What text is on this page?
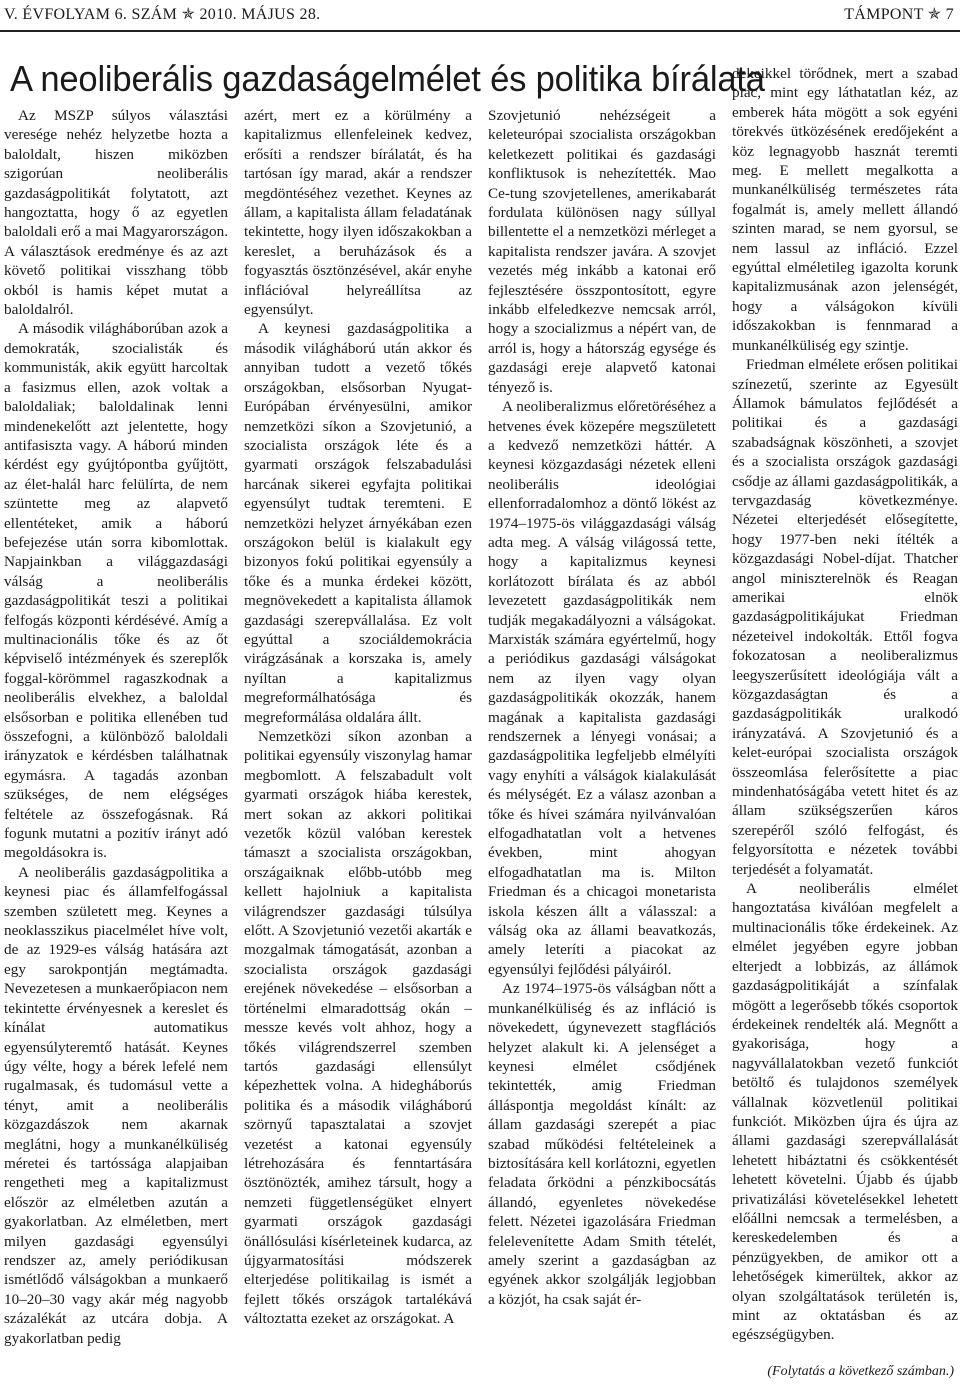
V. ÉVFOLYAM 6. SZÁM ✯ 2010. MÁJUS 28.	TÁMPONT ✯ 7
A neoliberális gazdaságelmélet és politika bírálata

Az MSZP súlyos választási veresége nehéz helyzetbe hozta a baloldalt, hiszen miközben szigorúan neoliberális gazdaságpolitikát folytatott, azt hangoztatta, hogy ő az egyetlen baloldali erő a mai Magyarországon. A választások eredménye és az azt követő politikai visszhang több okból is hamis képet mutat a baloldalról.

A második világháborúban azok a demokraták, szocialisták és kommunisták, akik együtt harcoltak a fasizmus ellen, azok voltak a baloldaliak; baloldalinak lenni mindenekelőtt azt jelentette, hogy antifasiszta vagy. A háború minden kérdést egy gyújtópontba gyűjtött, az élet-halál harc felülírta, de nem szüntette meg az alapvető ellentéteket, amik a háború befejezése után sorra kibomlottak. Napjainkban a világgazdasági válság a neoliberális gazdaságpolitikát teszi a politikai felfogás központi kérdésévé. Amíg a multinacionális tőke és az őt képviselő intézmények és szereplők foggal-körömmel ragaszkodnak a neoliberális elvekhez, a baloldal elsősorban e politika ellenében tud összefogni, a különböző baloldali irányzatok e kérdésben találhatnak egymásra. A tagadás azonban szükséges, de nem elégséges feltétele az összefogásnak. Rá fogunk mutatni a pozitív irányt adó megoldásokra is.

A neoliberális gazdaságpolitika a keynesi piac és államfelfogással szemben született meg. Keynes a neoklasszikus piacelmélet híve volt, de az 1929-es válság hatására azt egy sarokpontján megtámadta. Nevezetesen a munkaerőpiacon nem tekintette érvényesnek a kereslet és kínálat automatikus egyensúlyteremtő hatását. Keynes úgy vélte, hogy a bérek lefelé nem rugalmasak, és tudomásul vette a tényt, amit a neoliberális közgazdászok nem akarnak meglátni, hogy a munkanélküliség méretei és tartóssága alapjaiban rengetheti meg a kapitalizmust először az elméletben azután a gyakorlatban. Az elméletben, mert milyen gazdasági egyensúlyi rendszer az, amely periódikusan ismétlődő válságokban a munkaerő 10–20–30 vagy akár még nagyobb százalékát az utcára dobja. A gyakorlatban pedig

azért, mert ez a körülmény a kapitalizmus ellenfeleinek kedvez, erősíti a rendszer bírálatát, és ha tartósan így marad, akár a rendszer megdöntéséhez vezethet. Keynes az állam, a kapitalista állam feladatának tekintette, hogy ilyen időszakokban a kereslet, a beruházások és a fogyasztás ösztönzésével, akár enyhe inflációval helyreállítsa az egyensúlyt.

A keynesi gazdaságpolitika a második világháború után akkor és annyiban tudott a vezető tőkés országokban, elsősorban Nyugat-Európában érvényesülni, amikor nemzetközi síkon a Szovjetunió, a szocialista országok léte és a gyarmati országok felszabadulási harcának sikerei egyfajta politikai egyensúlyt tudtak teremteni. E nemzetközi helyzet árnyékában ezen országokon belül is kialakult egy bizonyos fokú politikai egyensúly a tőke és a munka érdekei között, megnövekedett a kapitalista államok gazdasági szerepvállalása. Ez volt egyúttal a szociáldemokrácia virágzásának a korszaka is, amely nyíltan a kapitalizmus megreformálhatósága és megreformálása oldalára állt.

Nemzetközi síkon azonban a politikai egyensúly viszonylag hamar megbomlott. A felszabadult volt gyarmati országok hiába kerestek, mert sokan az akkori politikai vezetők közül valóban kerestek támaszt a szocialista országokban, országaiknak előbb-utóbb meg kellett hajolniuk a kapitalista világrendszer gazdasági túlsúlya előtt. A Szovjetunió vezetői akarták e mozgalmak támogatását, azonban a szocialista országok gazdasági erejének növekedése – elsősorban a történelmi elmaradottság okán – messze kevés volt ahhoz, hogy a tőkés világrendszerrel szemben tartós gazdasági ellensúlyt képezhettek volna. A hidegháborús politika és a második világháború szörnyű tapasztalatai a szovjet vezetést a katonai egyensúly létrehozására és fenntartására ösztönözték, amihez társult, hogy a nemzeti függetlenségüket elnyert gyarmati országok gazdasági önállósulási kísérleteinek kudarca, az újgyarmatosítási módszerek elterjedése politikailag is ismét a fejlett tőkés országok tartalékává változtatta ezeket az országokat. A

Szovjetunió nehézségeit a keleteurópai szocialista országokban keletkezett politikai és gazdasági konfliktusok is nehezítették. Mao Ce-tung szovjetellenes, amerikabarát fordulata különösen nagy súllyal billentette el a nemzetközi mérleget a kapitalista rendszer javára. A szovjet vezetés még inkább a katonai erő fejlesztésére összpontosított, egyre inkább elfeledkezve nemcsak arról, hogy a szocializmus a népért van, de arról is, hogy a hátország egysége és gazdasági ereje alapvető katonai tényező is.

A neoliberalizmus előretöréséhez a hetvenes évek közepére megszületett a kedvező nemzetközi háttér. A keynesi közgazdasági nézetek elleni neoliberális ideológiai ellenforradalomhoz a döntő lökést az 1974–1975-ös világgazdasági válság adta meg. A válság világossá tette, hogy a kapitalizmus keynesi korlátozott bírálata és az abból levezetett gazdaságpolitikák nem tudják megakadályozni a válságokat. Marxisták számára egyértelmű, hogy a periódikus gazdasági válságokat nem az ilyen vagy olyan gazdaságpolitikák okozzák, hanem magának a kapitalista gazdasági rendszernek a lényegi vonásai; a gazdaságpolitika legfeljebb elmélyíti vagy enyhíti a válságok kialakulását és mélységét. Ez a válasz azonban a tőke és hívei számára nyilvánvalóan elfogadhatatlan volt a hetvenes években, mint ahogyan elfogadhatatlan ma is. Milton Friedman és a chicagoi monetarista iskola készen állt a válasszal: a válság oka az állami beavatkozás, amely leteríti a piacokat az egyensúlyi fejlődési pályáiról.

Az 1974–1975-ös válságban nőtt a munkanélküliség és az infláció is növekedett, úgynevezett stagflációs helyzet alakult ki. A jelenséget a keynesi elmélet csődjének tekintették, amig Friedman álláspontja megoldást kínált: az állam gazdasági szerepét a piac szabad működési feltételeinek a biztosítására kell korlátozni, egyetlen feladata őrködni a pénzkibocsátás állandó, egyenletes növekedése felett. Nézetei igazolására Friedman felelevenítette Adam Smith tételét, amely szerint a gazdaságban az egyének akkor szolgálják legjobban a közjót, ha csak saját ér-

dekeikkel törődnek, mert a szabad piac, mint egy láthatatlan kéz, az emberek háta mögött a sok egyéni törekvés ütközésének eredőjeként a köz legnagyobb hasznát teremti meg. E mellett megalkotta a munkanélküliség természetes ráta fogalmát is, amely mellett állandó szinten marad, se nem gyorsul, se nem lassul az infláció. Ezzel egyúttal elméletileg igazolta korunk kapitalizmusának azon jelenségét, hogy a válságokon kívüli időszakokban is fennmarad a munkanélküliség egy szintje.

Friedman elmélete erősen politikai színezetű, szerinte az Egyesült Államok bámulatos fejlődését a politikai és a gazdasági szabadságnak köszönheti, a szovjet és a szocialista országok gazdasági csődje az állami gazdaságpolitikák, a tervgazdaság következménye. Nézetei elterjedését elősegítette, hogy 1977-ben neki ítélték a közgazdasági Nobel-díjat. Thatcher angol miniszterelnök és Reagan amerikai elnök gazdaságpolitikájukat Friedman nézeteivel indokolták. Ettől fogva fokozatosan a neoliberalizmus leegyszerűsített ideológiája vált a közgazdaságtan és a gazdaságpolitikák uralkodó irányzatává. A Szovjetunió és a kelet-európai szocialista országok összeomlása felerősítette a piac mindenhatóságába vetett hitet és az állam szükségszerűen káros szerepéről szóló felfogást, és felgyorsította e nézetek további terjedését a folyamatát.

A neoliberális elmélet hangoztatása kiválóan megfelelt a multinacionális tőke érdekeinek. Az elmélet jegyében egyre jobban elterjedt a lobbizás, az állámok gazdaságpolitikáját a színfalak mögött a legerősebb tőkés csoportok érdekeinek rendelték alá. Megnőtt a gyakorisága, hogy a nagyvállalatokban vezető funkciót betöltő és tulajdonos személyek vállalnak közvetlenül politikai funkciót. Miközben újra és újra az állami gazdasági szerepvállalását lehetett hibáztatni és csökkentését lehetett követelni. Újabb és újabb privatizálási követelésekkel lehetett előállni nemcsak a termelésben, a kereskedelemben és a pénzügyekben, de amikor ott a lehetőségek kimerültek, akkor az olyan szolgáltatások területén is, mint az oktatásban és az egészségügyben.

(Folytatás a következő számban.)
